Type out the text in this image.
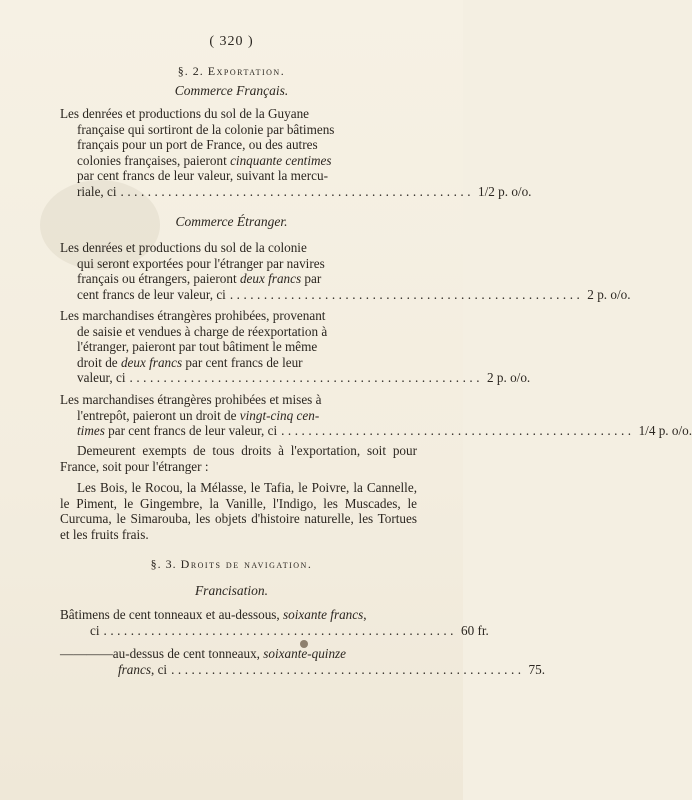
( 320 )
§. 2. Exportation.
Commerce Français.
Les denrées et productions du sol de la Guyane
française qui sortiront de la colonie par bâtimens
français pour un port de France, ou des autres
colonies françaises, paieront cinquante centimes
par cent francs de leur valeur, suivant la mercu-
riale, ci .................................................... 1/2 p. o/o.
Commerce Étranger.
Les denrées et productions du sol de la colonie
qui seront exportées pour l'étranger par navires
français ou étrangers, paieront deux francs par
cent francs de leur valeur, ci .................................................... 2 p. o/o.
Les marchandises étrangères prohibées, provenant
de saisie et vendues à charge de réexportation à
l'étranger, paieront par tout bâtiment le même
droit de deux francs par cent francs de leur
valeur, ci .................................................... 2 p. o/o.
Les marchandises étrangères prohibées et mises à
l'entrepôt, paieront un droit de vingt-cinq cen-
times par cent francs de leur valeur, ci .................................................... 1/4 p. o/o.
Demeurent exempts de tous droits à l'exportation, soit pour France, soit pour l'étranger :
Les Bois, le Rocou, la Mélasse, le Tafia, le Poivre, la Cannelle, le Piment, le Gingembre, la Vanille, l'Indigo, les Muscades, le Curcuma, le Simarouba, les objets d'histoire naturelle, les Tortues et les fruits frais.
§. 3. Droits de navigation.
Francisation.
Bâtimens de cent tonneaux et au-dessous, soixante francs,
ci .................................................... 60 fr.
————au-dessus de cent tonneaux, soixante-quinze
francs, ci .................................................... 75.
